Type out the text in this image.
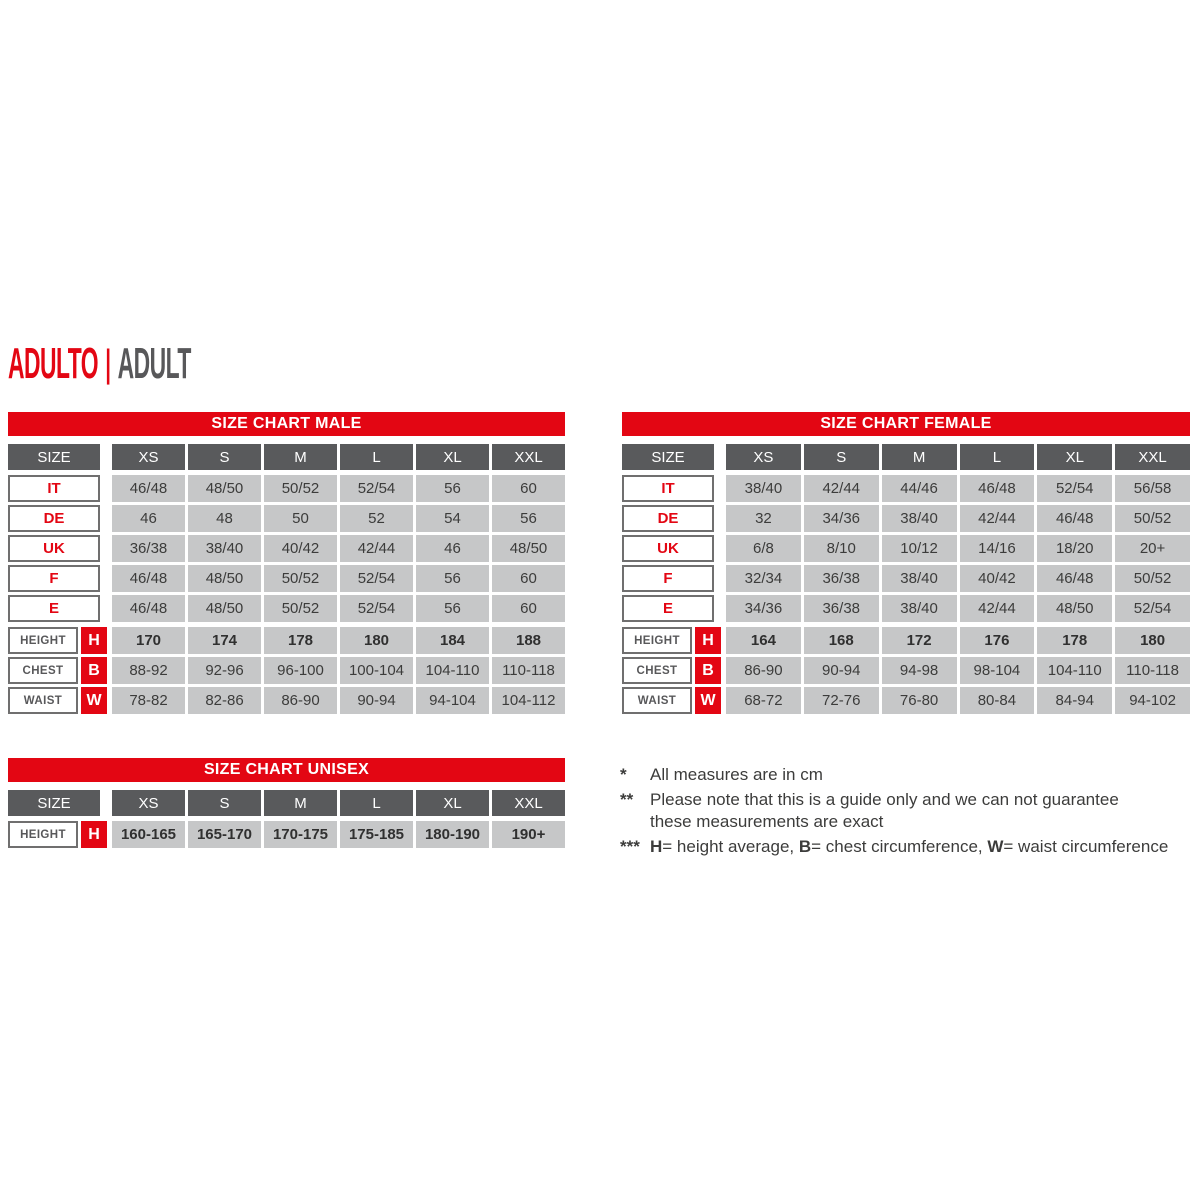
ADULTO | ADULT
SIZE CHART MALE
SIZE	XS	S	M	L	XL	XXL
IT	46/48	48/50	50/52	52/54	56	60
DE	46	48	50	52	54	56
UK	36/38	38/40	40/42	42/44	46	48/50
F	46/48	48/50	50/52	52/54	56	60
E	46/48	48/50	50/52	52/54	56	60
HEIGHT	H	170	174	178	180	184	188
CHEST	B	88-92	92-96	96-100	100-104	104-110	110-118
WAIST	W	78-82	82-86	86-90	90-94	94-104	104-112
SIZE CHART FEMALE
SIZE	XS	S	M	L	XL	XXL
IT	38/40	42/44	44/46	46/48	52/54	56/58
DE	32	34/36	38/40	42/44	46/48	50/52
UK	6/8	8/10	10/12	14/16	18/20	20+
F	32/34	36/38	38/40	40/42	46/48	50/52
E	34/36	36/38	38/40	42/44	48/50	52/54
HEIGHT	H	164	168	172	176	178	180
CHEST	B	86-90	90-94	94-98	98-104	104-110	110-118
WAIST	W	68-72	72-76	76-80	80-84	84-94	94-102
SIZE CHART UNISEX
SIZE	XS	S	M	L	XL	XXL
HEIGHT	H	160-165	165-170	170-175	175-185	180-190	190+
*	All measures are in cm
** Please note that this is a guide only and we can not guarantee
these measurements are exact
*** H= height average, B= chest circumference, W= waist circumference
